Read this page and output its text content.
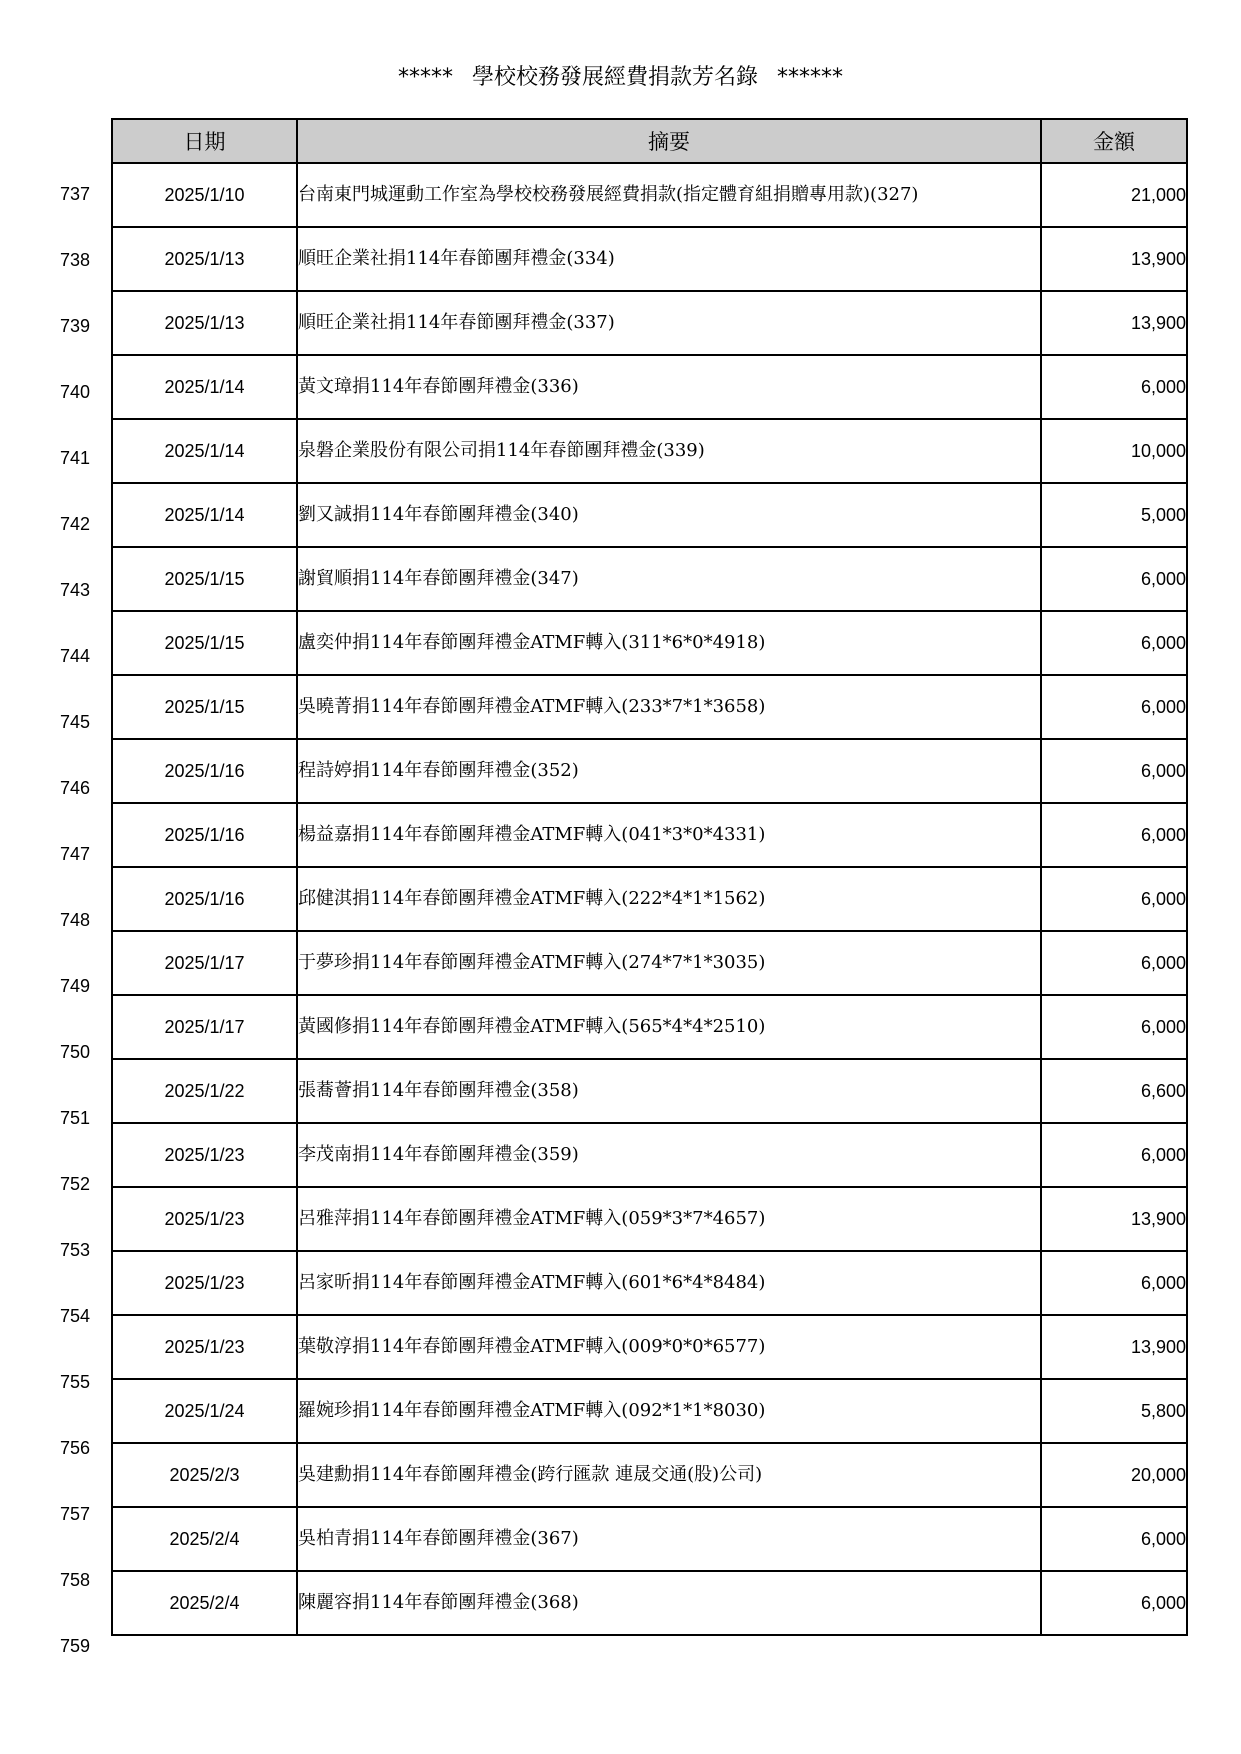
***** 學校校務發展經費捐款芳名錄 ******
737
738
739
740
741
742
743
744
745
746
747
748
749
750
751
752
753
754
755
756
757
758
759
日期	摘要	金額
2025/1/10	台南東門城運動工作室為學校校務發展經費捐款(指定體育組捐贈專用款)(327)	21,000
2025/1/13	順旺企業社捐114年春節團拜禮金(334)	13,900
2025/1/13	順旺企業社捐114年春節團拜禮金(337)	13,900
2025/1/14	黃文璋捐114年春節團拜禮金(336)	6,000
2025/1/14	泉磐企業股份有限公司捐114年春節團拜禮金(339)	10,000
2025/1/14	劉又誠捐114年春節團拜禮金(340)	5,000
2025/1/15	謝貿順捐114年春節團拜禮金(347)	6,000
2025/1/15	盧奕仲捐114年春節團拜禮金ATMF轉入(311*6*0*4918)	6,000
2025/1/15	吳曉菁捐114年春節團拜禮金ATMF轉入(233*7*1*3658)	6,000
2025/1/16	程詩婷捐114年春節團拜禮金(352)	6,000
2025/1/16	楊益嘉捐114年春節團拜禮金ATMF轉入(041*3*0*4331)	6,000
2025/1/16	邱健淇捐114年春節團拜禮金ATMF轉入(222*4*1*1562)	6,000
2025/1/17	于夢珍捐114年春節團拜禮金ATMF轉入(274*7*1*3035)	6,000
2025/1/17	黃國修捐114年春節團拜禮金ATMF轉入(565*4*4*2510)	6,000
2025/1/22	張蕎薈捐114年春節團拜禮金(358)	6,600
2025/1/23	李茂南捐114年春節團拜禮金(359)	6,000
2025/1/23	呂雅萍捐114年春節團拜禮金ATMF轉入(059*3*7*4657)	13,900
2025/1/23	呂家昕捐114年春節團拜禮金ATMF轉入(601*6*4*8484)	6,000
2025/1/23	葉敬淳捐114年春節團拜禮金ATMF轉入(009*0*0*6577)	13,900
2025/1/24	羅婉珍捐114年春節團拜禮金ATMF轉入(092*1*1*8030)	5,800
2025/2/3	吳建勳捐114年春節團拜禮金(跨行匯款 連晟交通(股)公司)	20,000
2025/2/4	吳柏青捐114年春節團拜禮金(367)	6,000
2025/2/4	陳麗容捐114年春節團拜禮金(368)	6,000
